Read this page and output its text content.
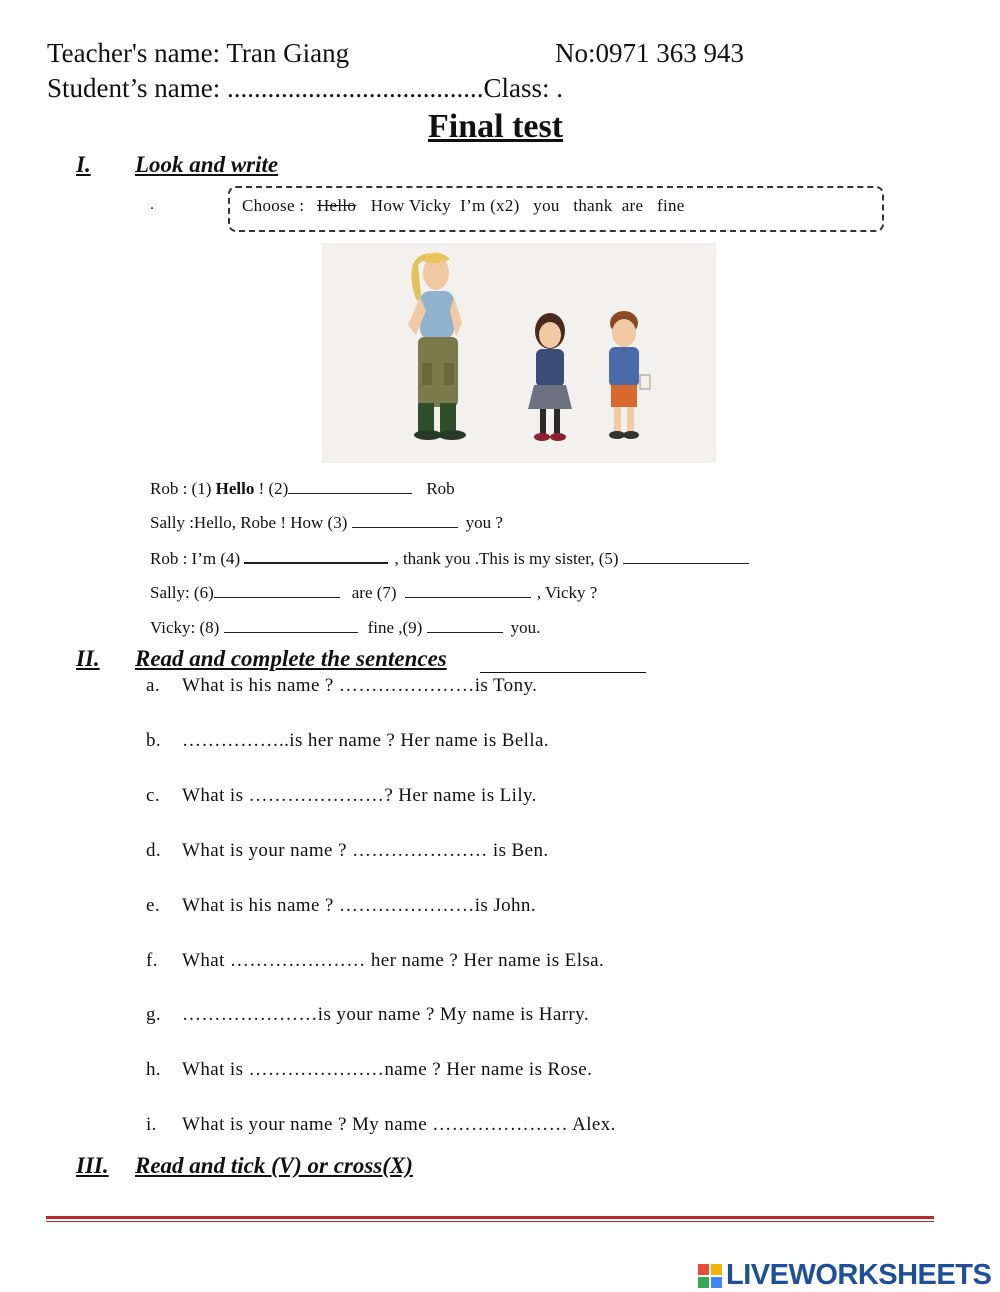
Teacher's name: Tran Giang	No:0971 363 943
Student’s name: ......................................Class: .
Final test
I. Look and write
.	Choose : Hello How Vicky  I’m (x2)   you   thank  are   fine
Rob : (1) Hello ! (2)	Rob
Sally :Hello, Robe ! How (3)	you ?
Rob : I’m (4)	, thank you .This is my sister, (5)
Sally: (6)	are (7)	, Vicky ?
Vicky: (8)	fine ,(9)	you.
II. Read and complete the sentences
a. What is his name ? …………………is Tony.
b. ……………..is her name ? Her name is Bella.
c. What is …………………? Her name is Lily.
d. What is your name ? ………………… is Ben.
e. What is his name ? …………………is John.
f. What ………………… her name ? Her name is Elsa.
g. …………………is your name ? My name is Harry.
h. What is …………………name ? Her name is Rose.
i. What is your name ? My name ………………… Alex.
III. Read and tick (V) or cross(X)
LIVEWORKSHEETS
